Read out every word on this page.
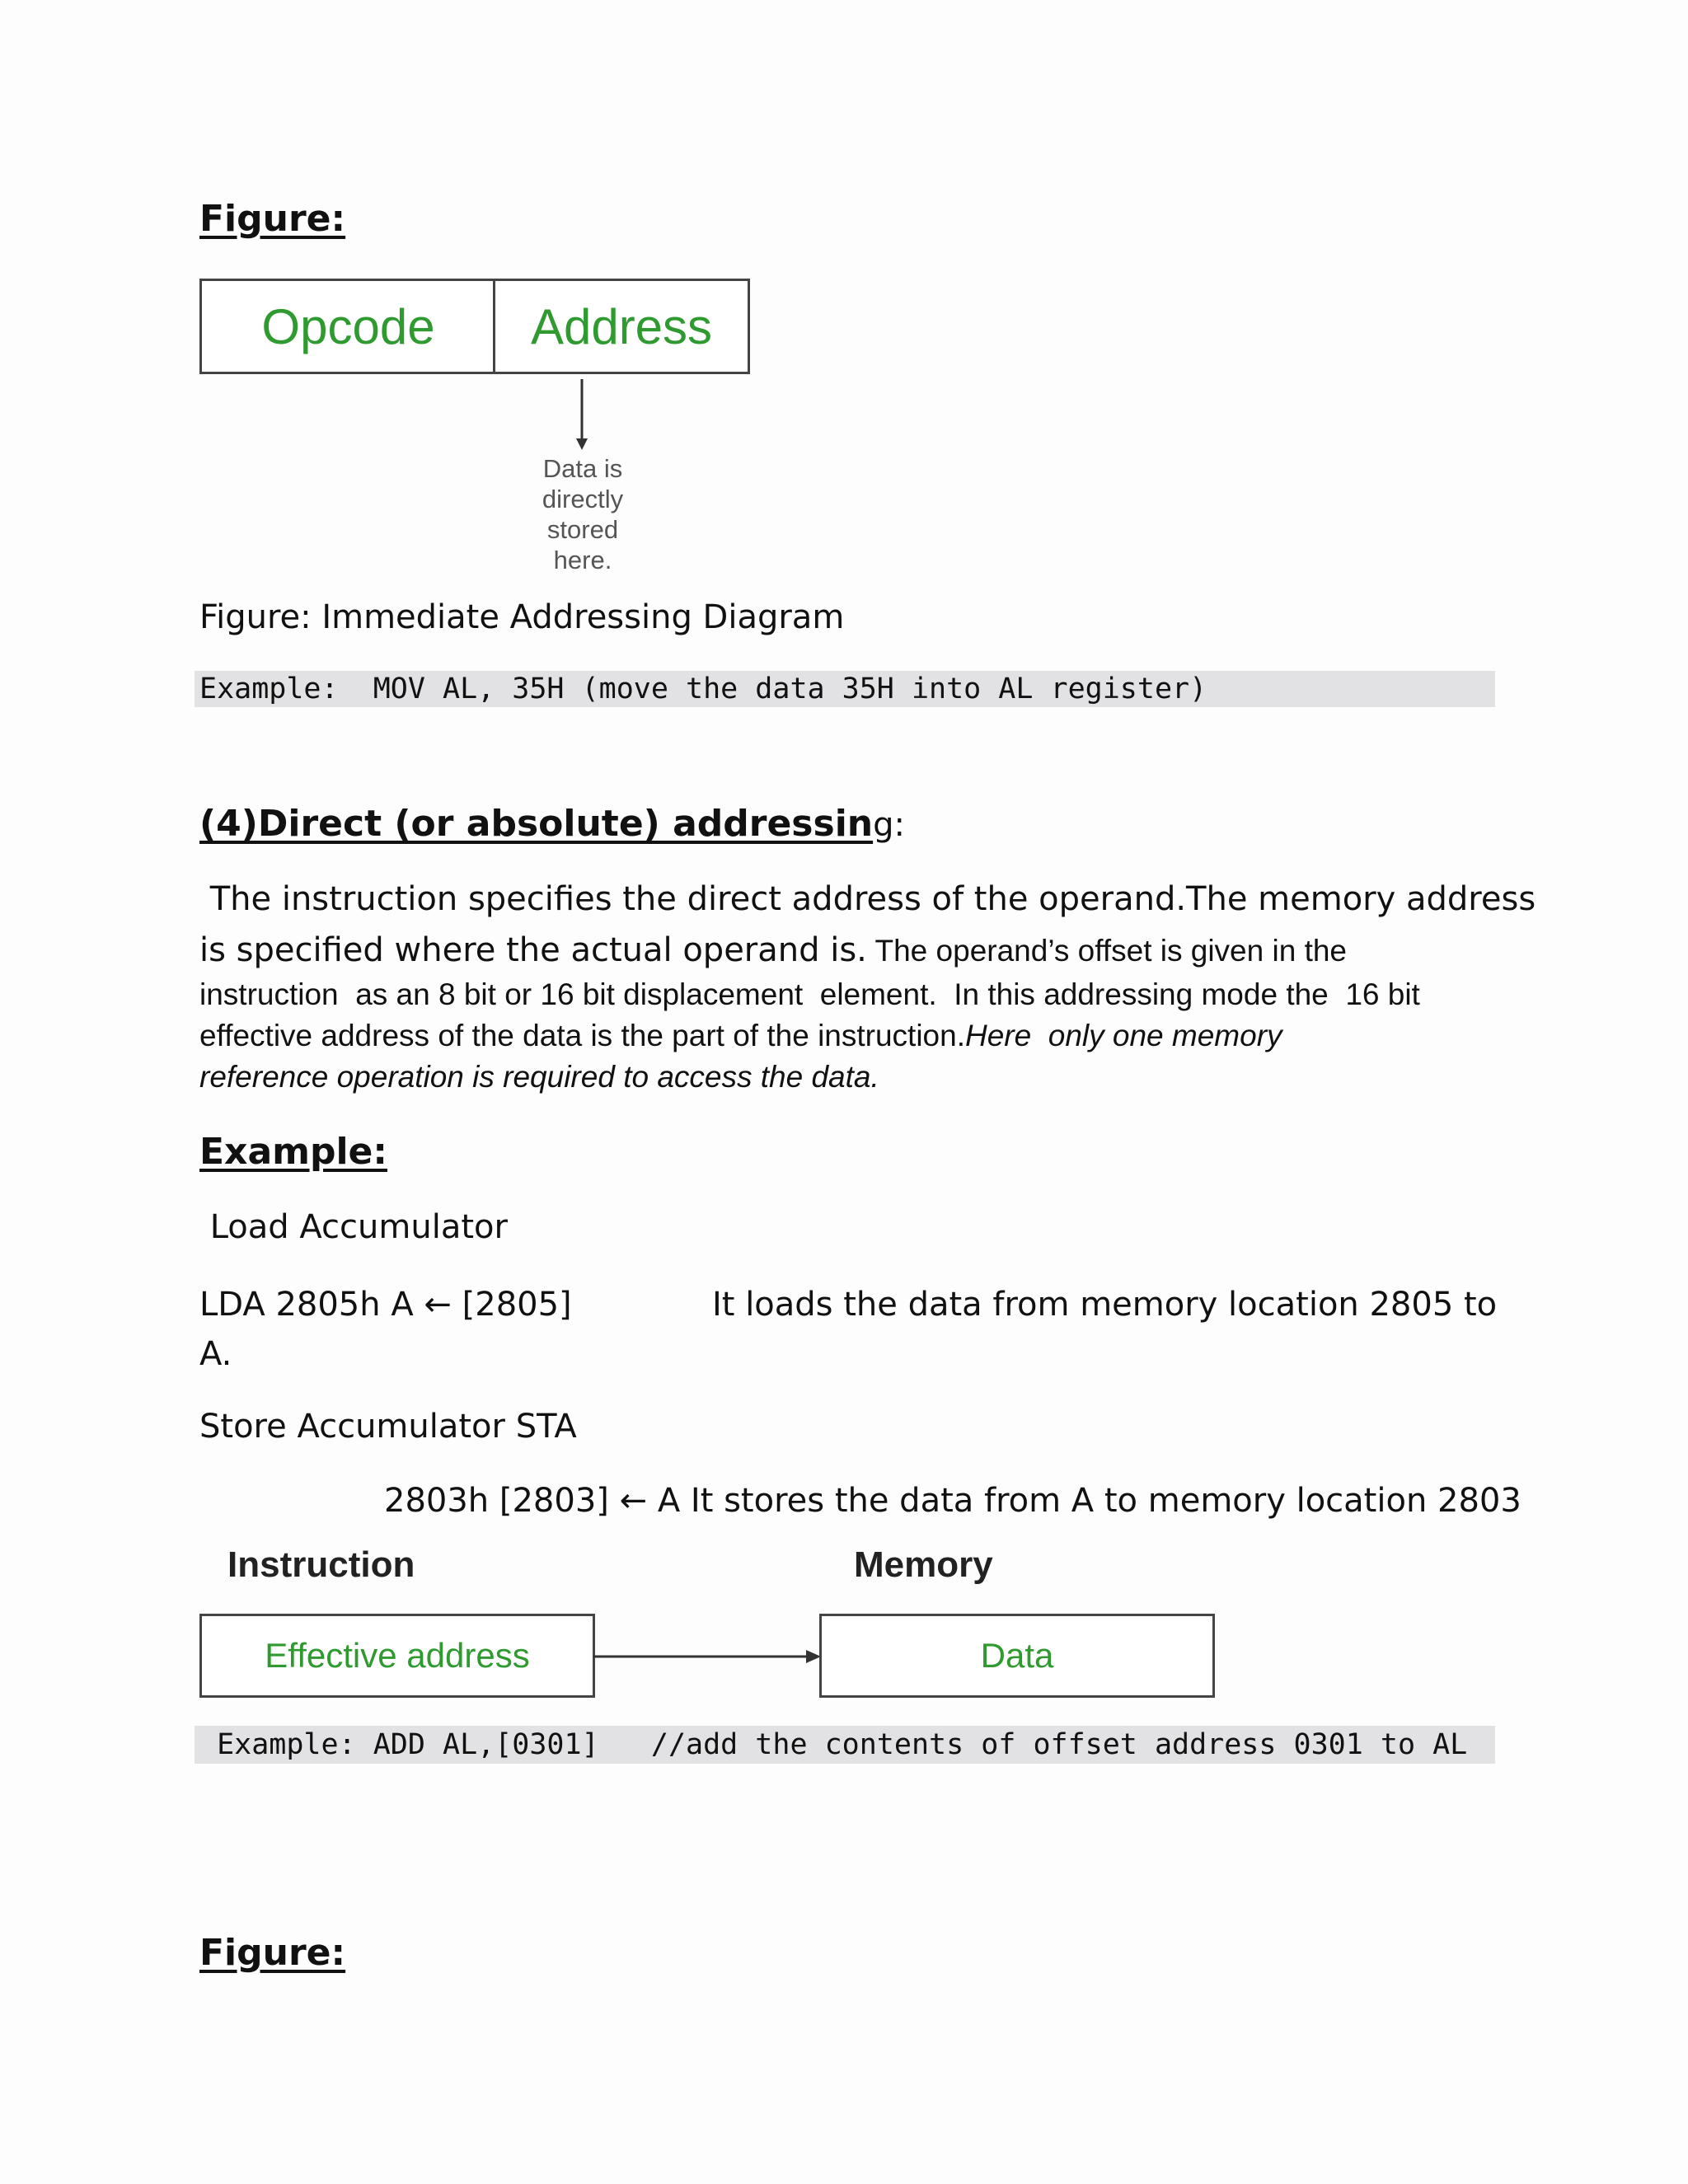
Figure:
Opcode Address
Data is
directly
stored
here.
Figure: Immediate Addressing Diagram
Example:  MOV AL, 35H (move the data 35H into AL register)
(4)Direct (or absolute) addressing:
The instruction specifies the direct address of the operand.The memory address
is specified where the actual operand is. The operand’s offset is given in the
instruction  as an 8 bit or 16 bit displacement  element.  In this addressing mode the  16 bit
effective address of the data is the part of the instruction.Here  only one memory
reference operation is required to access the data.
Example:
Load Accumulator
LDA 2805h A ← [2805]	It loads the data from memory location 2805 to
A.
Store Accumulator STA
2803h [2803] ← A It stores the data from A to memory location 2803
Instruction	Memory
Effective address	Data
Example: ADD AL,[0301]   //add the contents of offset address 0301 to AL
Figure:
